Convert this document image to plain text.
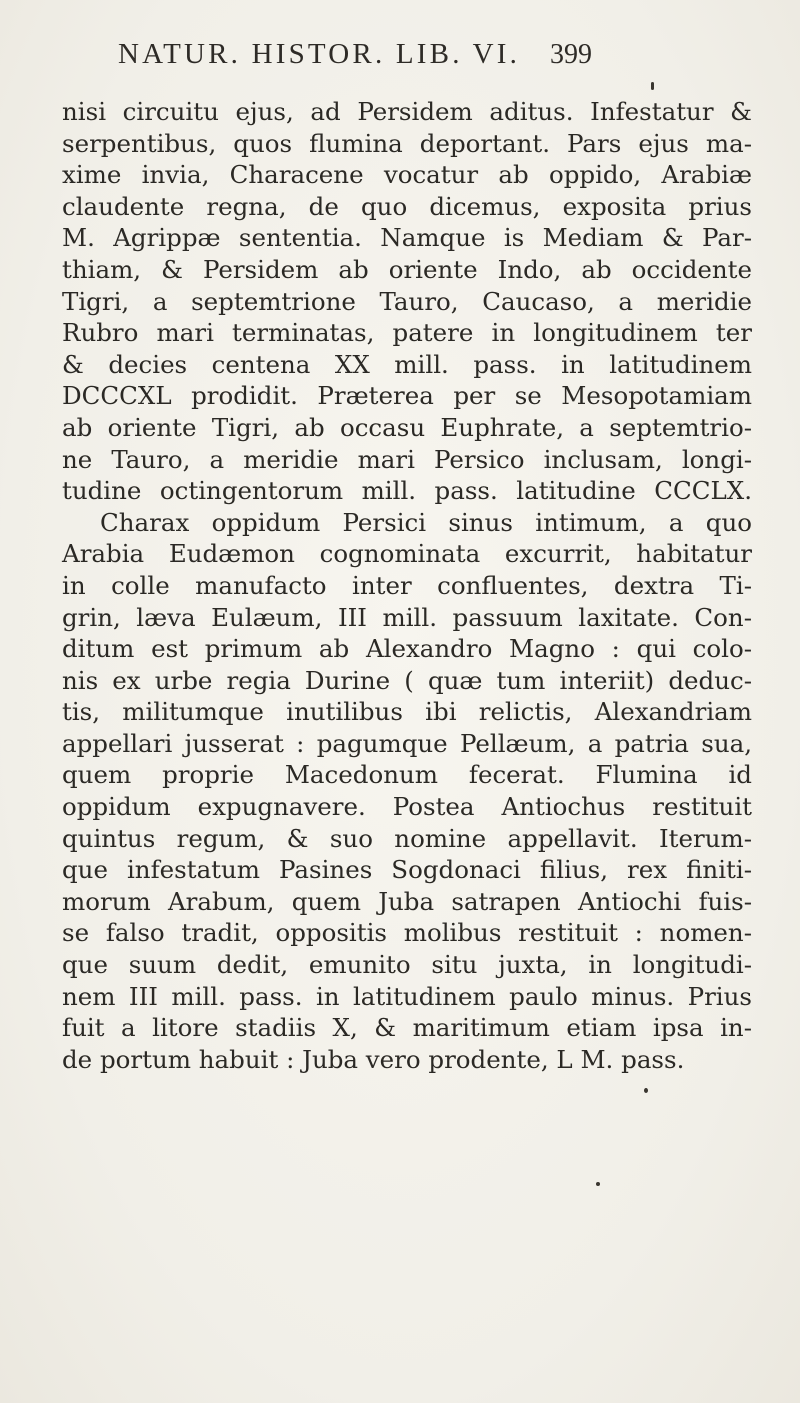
NATUR. HISTOR. LIB. VI. 399
nisi circuitu ejus, ad Persidem aditus. Infestatur &
serpentibus, quos flumina deportant. Pars ejus ma-
xime invia, Characene vocatur ab oppido, Arabiæ
claudente regna, de quo dicemus, exposita prius
M. Agrippæ sententia. Namque is Mediam & Par-
thiam, & Persidem ab oriente Indo, ab occidente
Tigri, a septemtrione Tauro, Caucaso, a meridie
Rubro mari terminatas, patere in longitudinem ter
& decies centena XX mill. pass. in latitudinem
DCCCXL prodidit. Præterea per se Mesopotamiam
ab oriente Tigri, ab occasu Euphrate, a septemtrio-
ne Tauro, a meridie mari Persico inclusam, longi-
tudine octingentorum mill. pass. latitudine CCCLX.
Charax oppidum Persici sinus intimum, a quo
Arabia Eudæmon cognominata excurrit, habitatur
in colle manufacto inter confluentes, dextra Ti-
grin, læva Eulæum, III mill. passuum laxitate. Con-
ditum est primum ab Alexandro Magno : qui colo-
nis ex urbe regia Durine ( quæ tum interiit) deduc-
tis, militumque inutilibus ibi relictis, Alexandriam
appellari jusserat : pagumque Pellæum, a patria sua,
quem proprie Macedonum fecerat. Flumina id
oppidum expugnavere. Postea Antiochus restituit
quintus regum, & suo nomine appellavit. Iterum-
que infestatum Pasines Sogdonaci filius, rex finiti-
morum Arabum, quem Juba satrapen Antiochi fuis-
se falso tradit, oppositis molibus restituit : nomen-
que suum dedit, emunito situ juxta, in longitudi-
nem III mill. pass. in latitudinem paulo minus. Prius
fuit a litore stadiis X, & maritimum etiam ipsa in-
de portum habuit : Juba vero prodente, L M. pass.
